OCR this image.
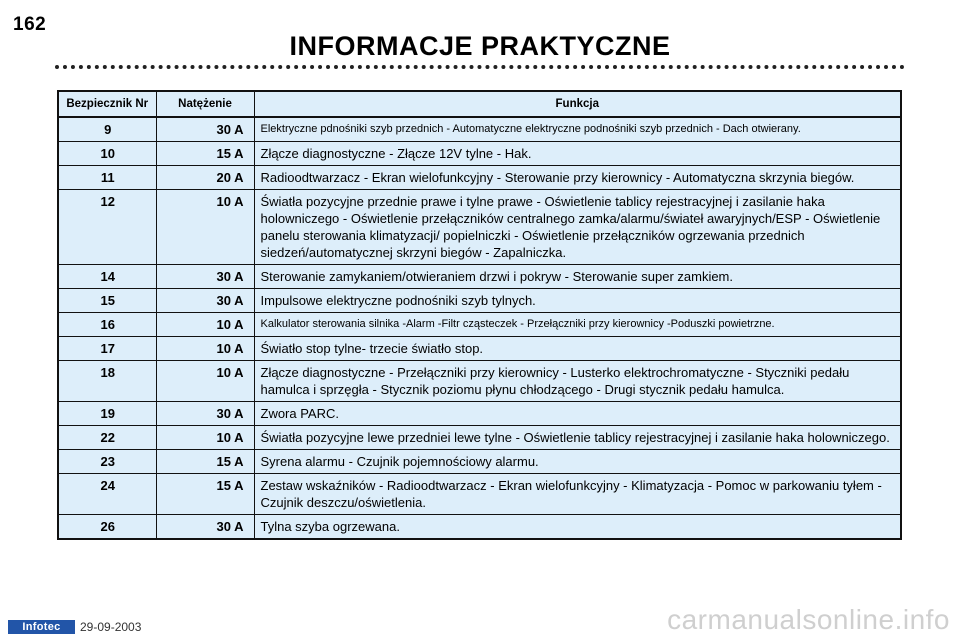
162
INFORMACJE PRAKTYCZNE
Bezpiecznik Nr	Natężenie	Funkcja
9	30 A	Elektryczne pdnośniki szyb przednich - Automatyczne elektryczne podnośniki szyb przednich - Dach otwierany.
10	15 A	Złącze diagnostyczne - Złącze 12V tylne - Hak.
11	20 A	Radioodtwarzacz - Ekran wielofunkcyjny - Sterowanie przy kierownicy - Automatyczna skrzynia biegów.
12	10 A	Światła pozycyjne przednie prawe i tylne prawe - Oświetlenie tablicy rejestracyjnej i zasilanie haka holowniczego - Oświetlenie przełączników centralnego zamka/alarmu/świateł awaryjnych/ESP - Oświetlenie panelu sterowania klimatyzacji/ popielniczki - Oświetlenie przełączników ogrzewania przednich siedzeń/automatycznej skrzyni biegów - Zapalniczka.
14	30 A	Sterowanie zamykaniem/otwieraniem drzwi i pokryw - Sterowanie super zamkiem.
15	30 A	Impulsowe elektryczne podnośniki szyb tylnych.
16	10 A	Kalkulator sterowania silnika -Alarm -Filtr cząsteczek - Przełączniki przy kierownicy -Poduszki powietrzne.
17	10 A	Światło stop tylne- trzecie światło stop.
18	10 A	Złącze diagnostyczne - Przełączniki przy kierownicy - Lusterko elektrochromatyczne - Styczniki pedału hamulca i sprzęgła - Stycznik poziomu płynu chłodzącego - Drugi stycznik pedału hamulca.
19	30 A	Zwora PARC.
22	10 A	Światła pozycyjne lewe przedniei lewe tylne - Oświetlenie tablicy rejestracyjnej i zasilanie haka holowniczego.
23	15 A	Syrena alarmu - Czujnik pojemnościowy alarmu.
24	15 A	Zestaw wskaźników - Radioodtwarzacz - Ekran wielofunkcyjny - Klimatyzacja - Pomoc w parkowaniu tyłem - Czujnik deszczu/oświetlenia.
26	30 A	Tylna szyba ogrzewana.
Infotec	29-09-2003	carmanualsonline.info
